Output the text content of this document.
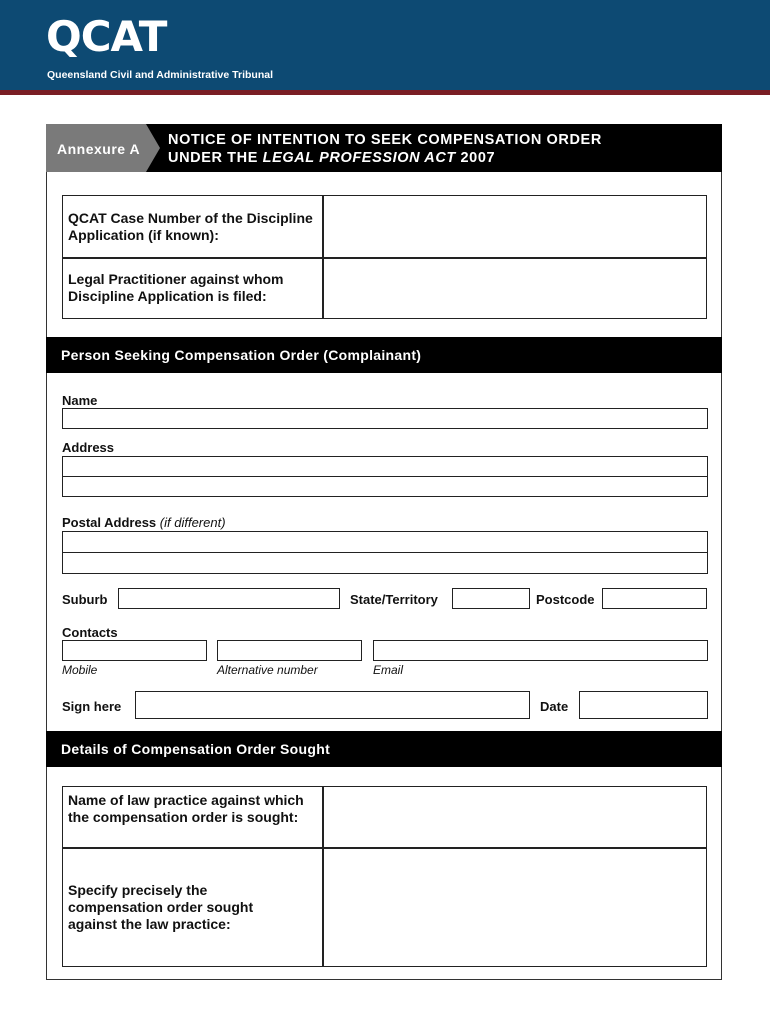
QCAT
Queensland Civil and Administrative Tribunal
Annexure A
NOTICE OF INTENTION TO SEEK COMPENSATION ORDER
UNDER THE LEGAL PROFESSION ACT 2007
QCAT Case Number of the Discipline Application (if known):
Legal Practitioner against whom Discipline Application is filed:
Person Seeking Compensation Order (Complainant)
Name
Address
Postal Address (if different)
Suburb	State/Territory	Postcode
Contacts
Mobile	Alternative number	Email
Sign here	Date
Details of Compensation Order Sought
Name of law practice against which the compensation order is sought:
Specify precisely the compensation order sought against the law practice:
